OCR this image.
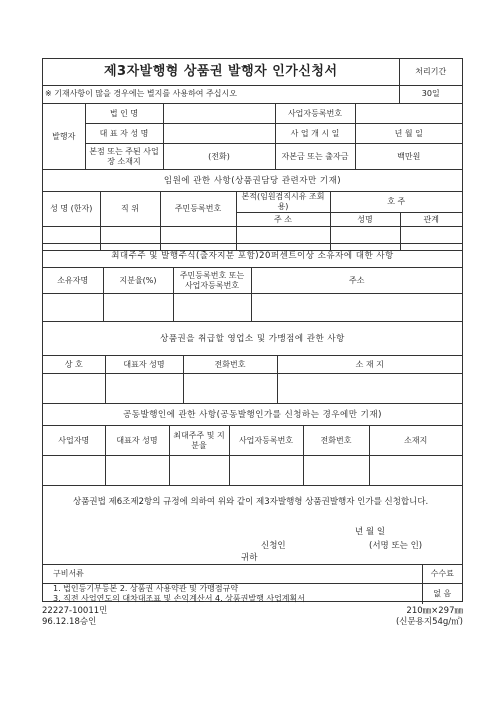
제3자발행형 상품권 발행자 인가신청서	처리기간
※ 기재사항이 많을 경우에는 별지를 사용하여 주십시오	30일
발행자	법 인 명		사업자등록번호	
	대 표 자 성 명		사 업 개 시 일	년 월 일
	본점 또는 주된 사업장 소재지	(전화)	자본금 또는 출자금	백만원
임원에 관한 사항(상품권담당 관련자만 기재)					
성 명 (한자)	직 위	주민등록번호	본적(임원겸직시유 조회용)	호 주	
			주 소	성명	관계

최대주주 및 발행주식(출자지분 포함)20퍼센트이상 소유자에 대한 사항			
소유자명	지분율(%)	주민등록번호 또는 사업자등록번호	주소

상품권을 취급할 영업소 및 가맹점에 관한 사항			
상 호	대표자 성명	전화번호	소 재 지

공동발행인에 관한 사항(공동발행인가를 신청하는 경우에만 기재)					
사업자명	대표자 성명	최대주주 및 지분율	사업자등록번호	전화번호	소재지

상품권법 제6조제2항의 규정에 의하여 위와 같이 제3자발행형 상품권발행자 인가를 신청합니다.

년 월 일

신청인	(서명 또는 인)

귀하

구비서류	수수료

1. 법인등기부등본 2. 상품권 사용약관 및 가맹점규약
3. 직전 사업연도의 대차대조표 및 손익계산서 4. 상품권발행 사업계획서	없 음
22227-10011민
96.12.18승인
210㎜×297㎜
(신문용지54g/㎡)
